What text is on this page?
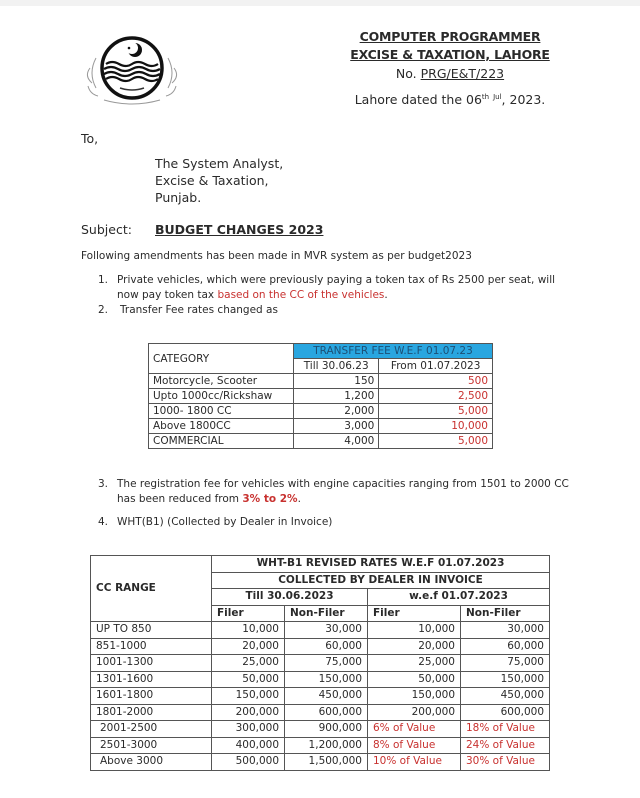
COMPUTER PROGRAMMER
EXCISE & TAXATION, LAHORE
No. PRG/E&T/223
Lahore dated the 06th $^{Jul}$, 2023.
To,
The System Analyst,
Excise & Taxation,
Punjab.
Subject: BUDGET CHANGES 2023
Following amendments has been made in MVR system as per budget2023
1. Private vehicles, which were previously paying a token tax of Rs 2500 per seat, will
now pay token tax based on the CC of the vehicles.
2. Transfer Fee rates changed as
CATEGORY	TRANSFER FEE W.E.F 01.07.23	
	Till 30.06.23	From 01.07.2023
Motorcycle, Scooter	150	500
Upto 1000cc/Rickshaw	1,200	2,500
1000- 1800 CC	2,000	5,000
Above 1800CC	3,000	10,000
COMMERCIAL	4,000	5,000
3. The registration fee for vehicles with engine capacities ranging from 1501 to 2000 CC
has been reduced from 3% to 2%.
4. WHT(B1) (Collected by Dealer in Invoice)
CC RANGE	WHT-B1 REVISED RATES W.E.F 01.07.2023			
	COLLECTED BY DEALER IN INVOICE			
	Till 30.06.2023		w.e.f 01.07.2023	
	Filer	Non-Filer	Filer	Non-Filer
UP TO 850	10,000	30,000	10,000	30,000
851-1000	20,000	60,000	20,000	60,000
1001-1300	25,000	75,000	25,000	75,000
1301-1600	50,000	150,000	50,000	150,000
1601-1800	150,000	450,000	150,000	450,000
1801-2000	200,000	600,000	200,000	600,000
2001-2500	300,000	900,000	6% of Value	18% of Value
2501-3000	400,000	1,200,000	8% of Value	24% of Value
Above 3000	500,000	1,500,000	10% of Value	30% of Value
